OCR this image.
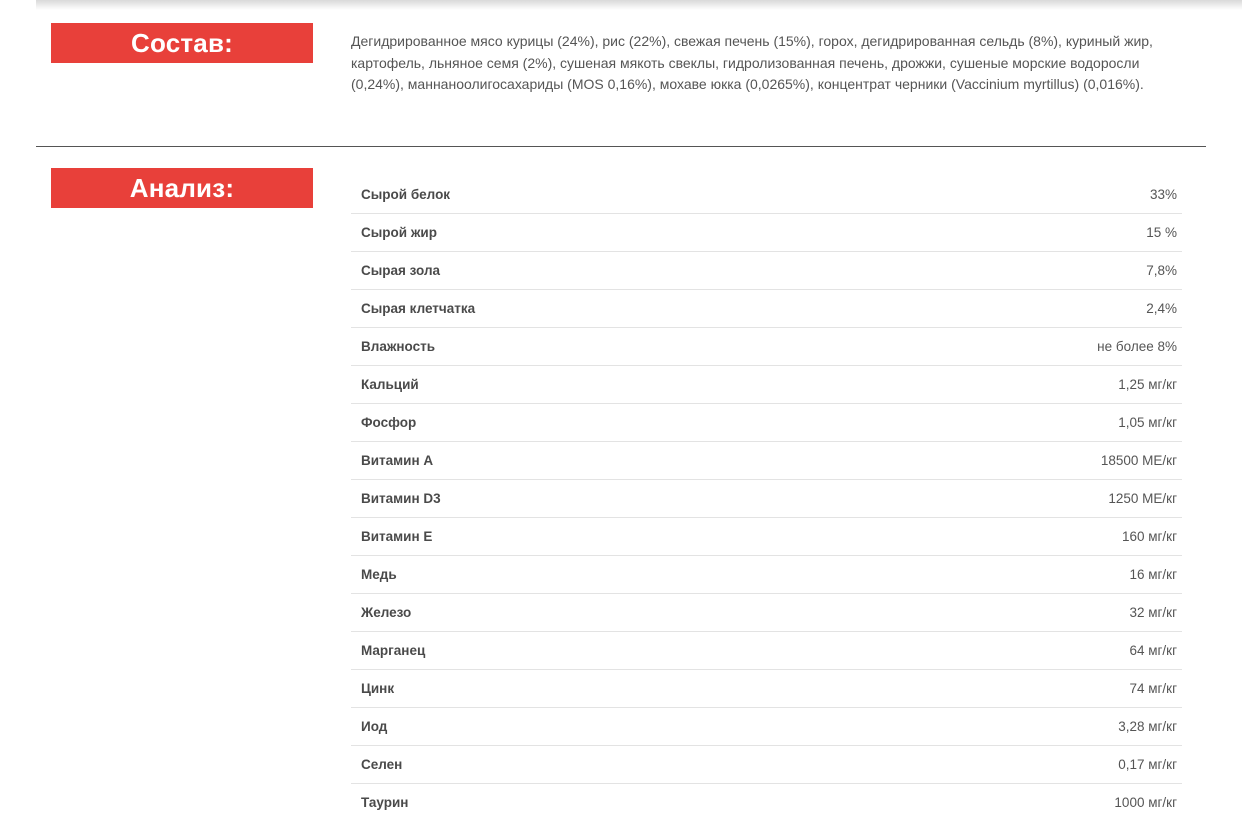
Состав:	Дегидрированное мясо курицы (24%), рис (22%), свежая печень (15%), горох, дегидрированная сельдь (8%), куриный жир, картофель, льняное семя (2%), сушеная мякоть свеклы, гидролизованная печень, дрожжи, сушеные морские водоросли (0,24%), маннаноолигосахариды (MOS 0,16%), мохаве юкка (0,0265%), концентрат черники (Vaccinium myrtillus) (0,016%).

Анализ:	Сырой белок	33%
Сырой жир	15 %
Сырая зола	7,8%
Сырая клетчатка	2,4%
Влажность	не более 8%
Кальций	1,25 мг/кг
Фосфор	1,05 мг/кг
Витамин А	18500 МЕ/кг
Витамин D3	1250 МЕ/кг
Витамин Е	160 мг/кг
Медь	16 мг/кг
Железо	32 мг/кг
Марганец	64 мг/кг
Цинк	74 мг/кг
Иод	3,28 мг/кг
Селен	0,17 мг/кг
Таурин	1000 мг/кг
